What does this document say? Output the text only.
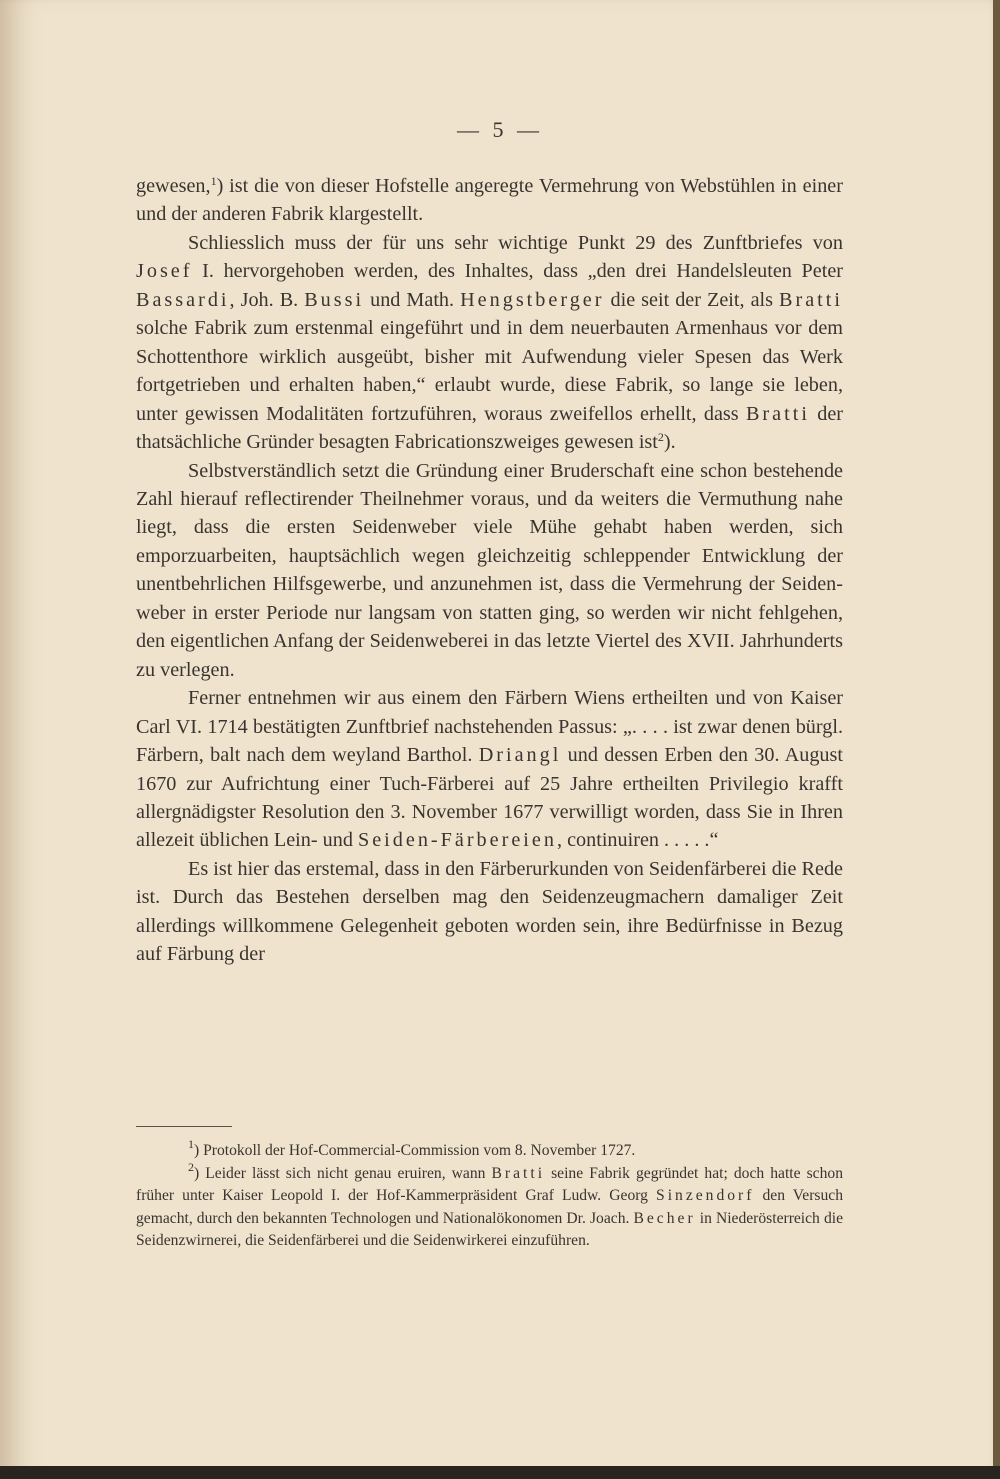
— 5 —

gewesen,$^1$) ist die von dieser Hofstelle angeregte Vermehrung von Webstühlen in einer und der anderen Fabrik klargestellt.

Schliesslich muss der für uns sehr wichtige Punkt 29 des Zunftbriefes von Josef I. hervorgehoben werden, des Inhaltes, dass „den drei Handelsleuten Peter Bassardi, Joh. B. Bussi und Math. Hengstberger die seit der Zeit, als Bratti solche Fabrik zum erstenmal eingeführt und in dem neuerbauten Armenhaus vor dem Schottenthore wirklich ausgeübt, bisher mit Aufwendung vieler Spesen das Werk fortgetrieben und erhalten haben,“ erlaubt wurde, diese Fabrik, so lange sie leben, unter gewissen Modalitäten fortzuführen, woraus zweifellos erhellt, dass Bratti der thatsächliche Gründer besagten Fabricationszweiges gewesen ist$^2$).

Selbstverständlich setzt die Gründung einer Bruderschaft eine schon bestehende Zahl hierauf reflectirender Theilnehmer voraus, und da weiters die Vermuthung nahe liegt, dass die ersten Seidenweber viele Mühe gehabt haben werden, sich emporzuarbeiten, hauptsächlich wegen gleichzeitig schleppender Entwicklung der unentbehrlichen Hilfsgewerbe, und anzunehmen ist, dass die Vermehrung der Seidenweber in erster Periode nur langsam von statten ging, so werden wir nicht fehlgehen, den eigentlichen Anfang der Seidenweberei in das letzte Viertel des XVII. Jahrhunderts zu verlegen.

Ferner entnehmen wir aus einem den Färbern Wiens ertheilten und von Kaiser Carl VI. 1714 bestätigten Zunftbrief nachstehenden Passus: „. . . . ist zwar denen bürgl. Färbern, balt nach dem weyland Barthol. Driangl und dessen Erben den 30. August 1670 zur Aufrichtung einer Tuch-Färberei auf 25 Jahre ertheilten Privilegio krafft allergnädigster Resolution den 3. November 1677 verwilligt worden, dass Sie in Ihren allezeit üblichen Lein- und Seiden-Färbereien, continuiren . . . . .“

Es ist hier das erstemal, dass in den Färberurkunden von Seidenfärberei die Rede ist. Durch das Bestehen derselben mag den Seidenzeugmachern damaliger Zeit allerdings willkommene Gelegenheit geboten worden sein, ihre Bedürfnisse in Bezug auf Färbung der

$^1$) Protokoll der Hof-Commercial-Commission vom 8. November 1727.

$^2$) Leider lässt sich nicht genau eruiren, wann Bratti seine Fabrik gegründet hat; doch hatte schon früher unter Kaiser Leopold I. der Hof-Kammerpräsident Graf Ludw. Georg Sinzendorf den Versuch gemacht, durch den bekannten Technologen und Nationalökonomen Dr. Joach. Becher in Niederösterreich die Seidenzwirnerei, die Seidenfärberei und die Seidenwirkerei einzuführen.
